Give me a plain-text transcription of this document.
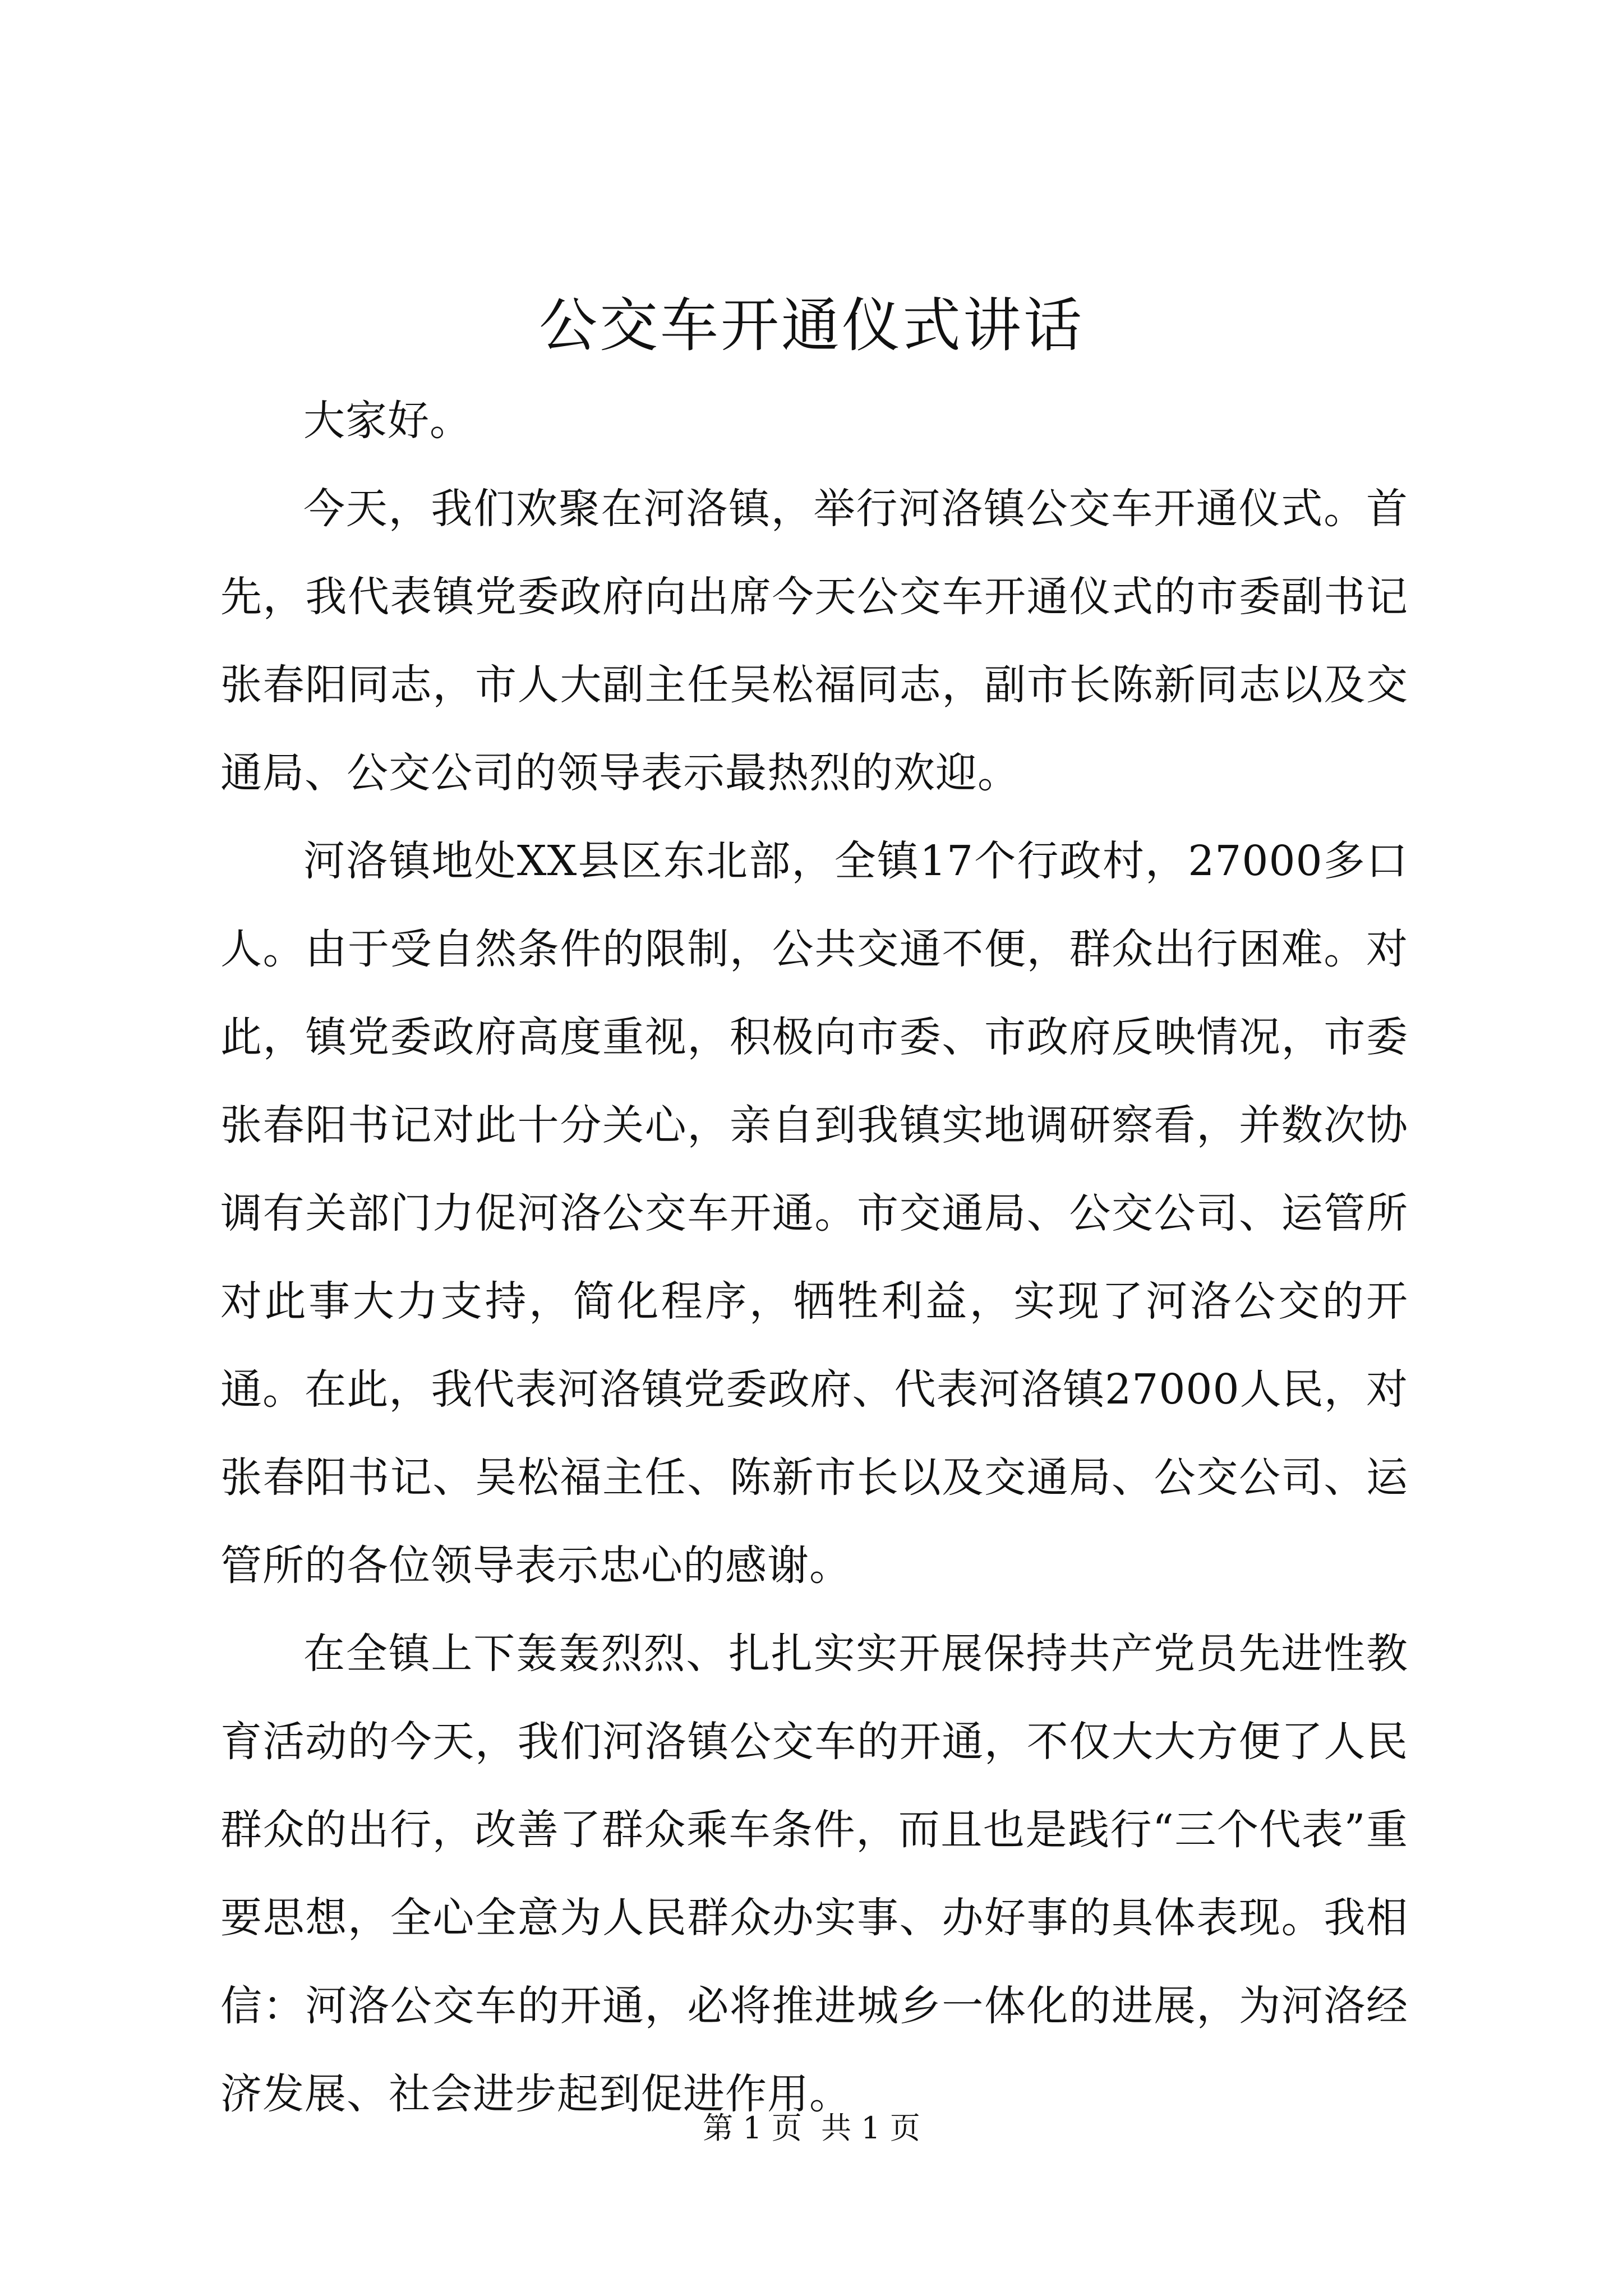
公交车开通仪式讲话

大家好。

今天，我们欢聚在河洛镇，举行河洛镇公交车开通仪式。首先，我代表镇党委政府向出席今天公交车开通仪式的市委副书记张春阳同志，市人大副主任吴松福同志，副市长陈新同志以及交通局、公交公司的领导表示最热烈的欢迎。

河洛镇地处XX县区东北部，全镇17个行政村，27000多口人。由于受自然条件的限制，公共交通不便，群众出行困难。对此，镇党委政府高度重视，积极向市委、市政府反映情况，市委张春阳书记对此十分关心，亲自到我镇实地调研察看，并数次协调有关部门力促河洛公交车开通。市交通局、公交公司、运管所对此事大力支持，简化程序，牺牲利益，实现了河洛公交的开通。在此，我代表河洛镇党委政府、代表河洛镇27000人民，对张春阳书记、吴松福主任、陈新市长以及交通局、公交公司、运管所的各位领导表示忠心的感谢。

在全镇上下轰轰烈烈、扎扎实实开展保持共产党员先进性教育活动的今天，我们河洛镇公交车的开通，不仅大大方便了人民群众的出行，改善了群众乘车条件，而且也是践行“三个代表”重要思想，全心全意为人民群众办实事、办好事的具体表现。我相信：河洛公交车的开通，必将推进城乡一体化的进展，为河洛经济发展、社会进步起到促进作用。

第 1 页  共 1 页
